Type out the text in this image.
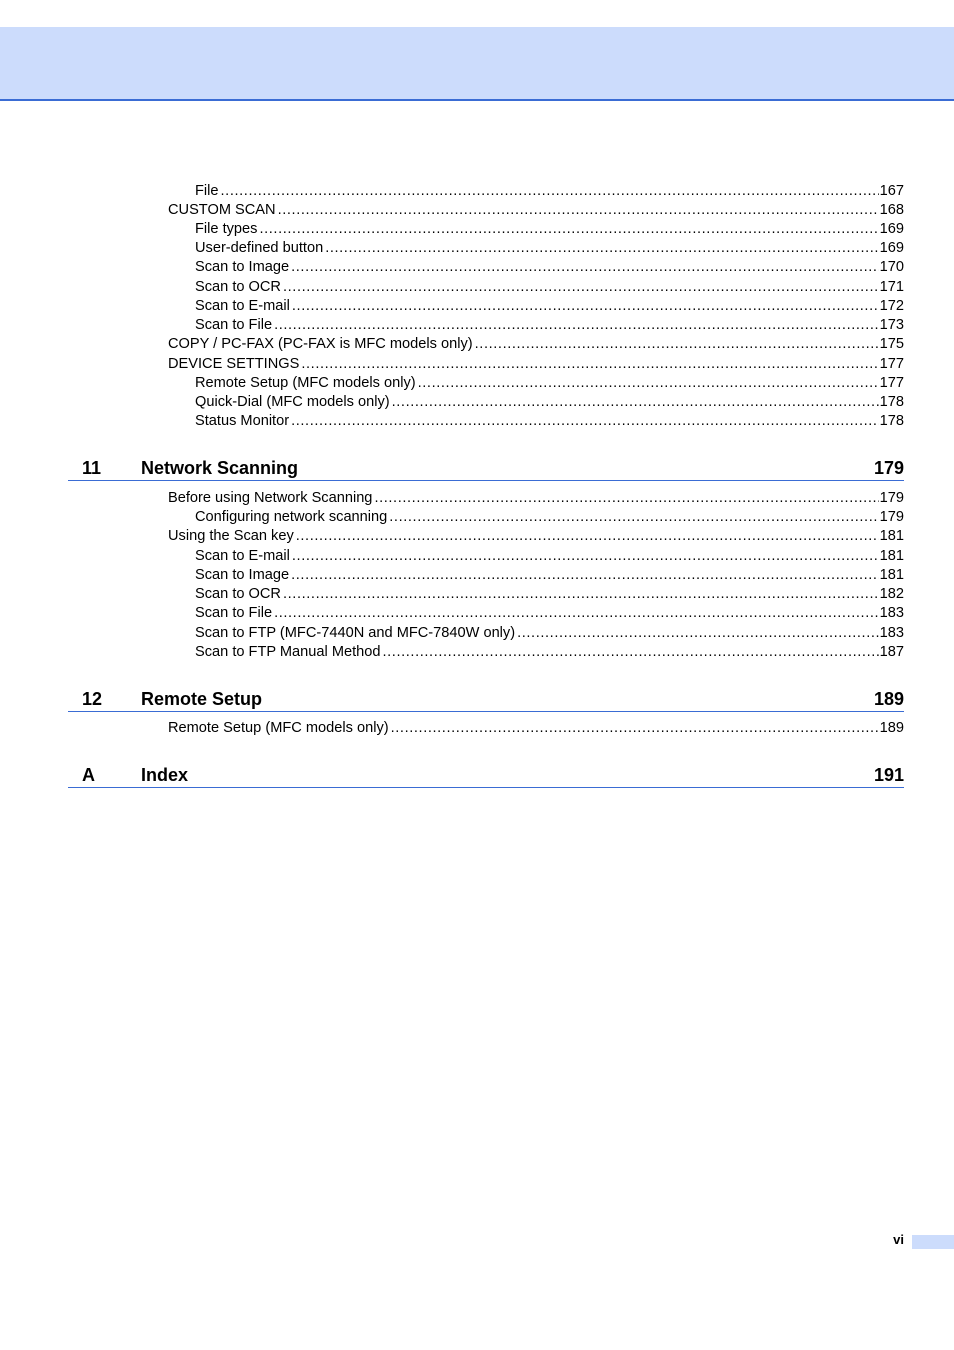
File .....	167
CUSTOM SCAN .....	168
File types .....	169
User-defined button .....	169
Scan to Image .....	170
Scan to OCR .....	171
Scan to E-mail .....	172
Scan to File .....	173
COPY / PC-FAX (PC-FAX is MFC models only) .....	175
DEVICE SETTINGS .....	177
Remote Setup (MFC models only) .....	177
Quick-Dial (MFC models only) .....	178
Status Monitor .....	178
11 Network Scanning	179
Before using Network Scanning .....	179
Configuring network scanning .....	179
Using the Scan key .....	181
Scan to E-mail .....	181
Scan to Image .....	181
Scan to OCR .....	182
Scan to File .....	183
Scan to FTP (MFC-7440N and MFC-7840W only) .....	183
Scan to FTP Manual Method .....	187
12 Remote Setup	189
Remote Setup (MFC models only) .....	189
A	Index	191
vi
